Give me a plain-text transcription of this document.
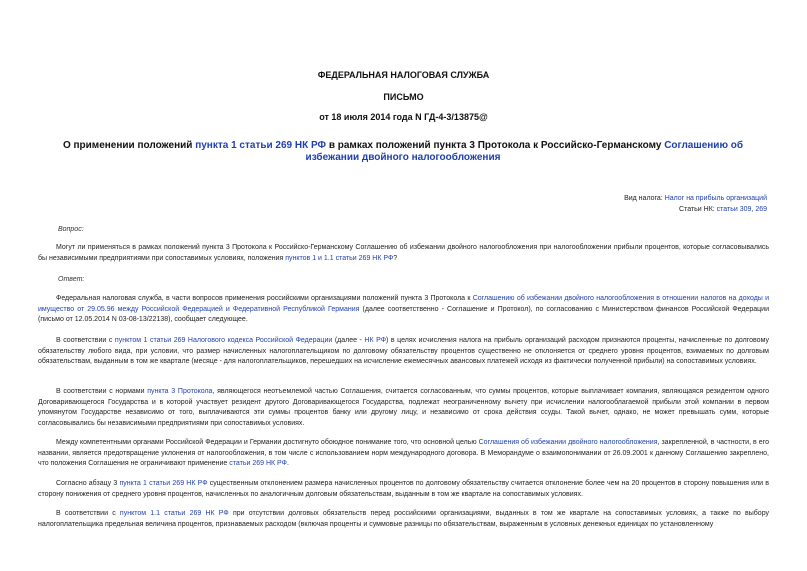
ФЕДЕРАЛЬНАЯ НАЛОГОВАЯ СЛУЖБА
ПИСЬМО
от 18 июля 2014 года N ГД-4-3/13875@
О применении положений пункта 1 статьи 269 НК РФ в рамках положений пункта 3 Протокола к Российско-Германскому Соглашению об избежании двойного налогообложения
Вид налога: Налог на прибыль организаций
Статьи НК: статьи 309, 269
Вопрос:
Могут ли применяться в рамках положений пункта 3 Протокола к Российско-Германскому Соглашению об избежании двойного налогообложения при налогообложении прибыли процентов, которые согласовывались бы независимыми предприятиями при сопоставимых условиях, положения пунктов 1 и 1.1 статьи 269 НК РФ?
Ответ:
Федеральная налоговая служба, в части вопросов применения российскими организациями положений пункта 3 Протокола к Соглашению об избежании двойного налогообложения в отношении налогов на доходы и имущество от 29.05.96 между Российской Федерацией и Федеративной Республикой Германия (далее соответственно - Соглашение и Протокол), по согласованию с Министерством финансов Российской Федерации (письмо от 12.05.2014 N 03-08-13/22138), сообщает следующее.
В соответствии с пунктом 1 статьи 269 Налогового кодекса Российской Федерации (далее - НК РФ) в целях исчисления налога на прибыль организаций расходом признаются проценты, начисленные по долговому обязательству любого вида, при условии, что размер начисленных налогоплательщиком по долговому обязательству процентов существенно не отклоняется от среднего уровня процентов, взимаемых по долговым обязательствам, выданным в том же квартале (месяце - для налогоплательщиков, перешедших на исчисление ежемесячных авансовых платежей исходя из фактически полученной прибыли) на сопоставимых условиях.
В соответствии с нормами пункта 3 Протокола, являющегося неотъемлемой частью Соглашения, считается согласованным, что суммы процентов, которые выплачивает компания, являющаяся резидентом одного Договаривающегося Государства и в которой участвует резидент другого Договаривающегося Государства, подлежат неограниченному вычету при исчислении налогооблагаемой прибыли этой компании в первом упомянутом Государстве независимо от того, выплачиваются эти суммы процентов банку или другому лицу, и независимо от срока действия ссуды. Такой вычет, однако, не может превышать сумм, которые согласовывались бы независимыми предприятиями при сопоставимых условиях.
Между компетентными органами Российской Федерации и Германии достигнуто обоюдное понимание того, что основной целью Соглашения об избежании двойного налогообложения, закрепленной, в частности, в его названии, является предотвращение уклонения от налогообложения, в том числе с использованием норм международного договора. В Меморандуме о взаимопонимании от 26.09.2001 к данному Соглашению закреплено, что положения Соглашения не ограничивают применение статьи 269 НК РФ.
Согласно абзацу 3 пункта 1 статьи 269 НК РФ существенным отклонением размера начисленных процентов по долговому обязательству считается отклонение более чем на 20 процентов в сторону повышения или в сторону понижения от среднего уровня процентов, начисленных по аналогичным долговым обязательствам, выданным в том же квартале на сопоставимых условиях.
В соответствии с пунктом 1.1 статьи 269 НК РФ при отсутствии долговых обязательств перед российскими организациями, выданных в том же квартале на сопоставимых условиях, а также по выбору налогоплательщика предельная величина процентов, признаваемых расходом (включая проценты и суммовые разницы по обязательствам, выраженным в условных денежных единицах по установленному
